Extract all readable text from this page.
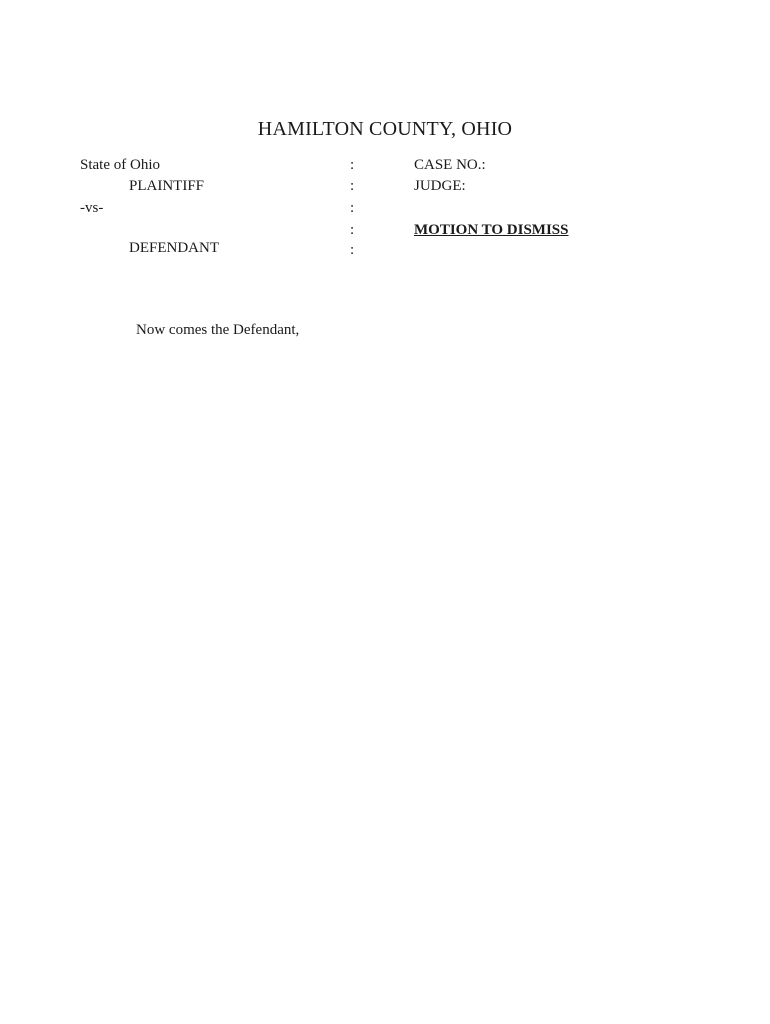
HAMILTON COUNTY, OHIO
State of Ohio
PLAINTIFF
-vs-
DEFENDANT
:
:
:
:
:
CASE NO.:
JUDGE:
MOTION TO DISMISS
Now comes the Defendant,
